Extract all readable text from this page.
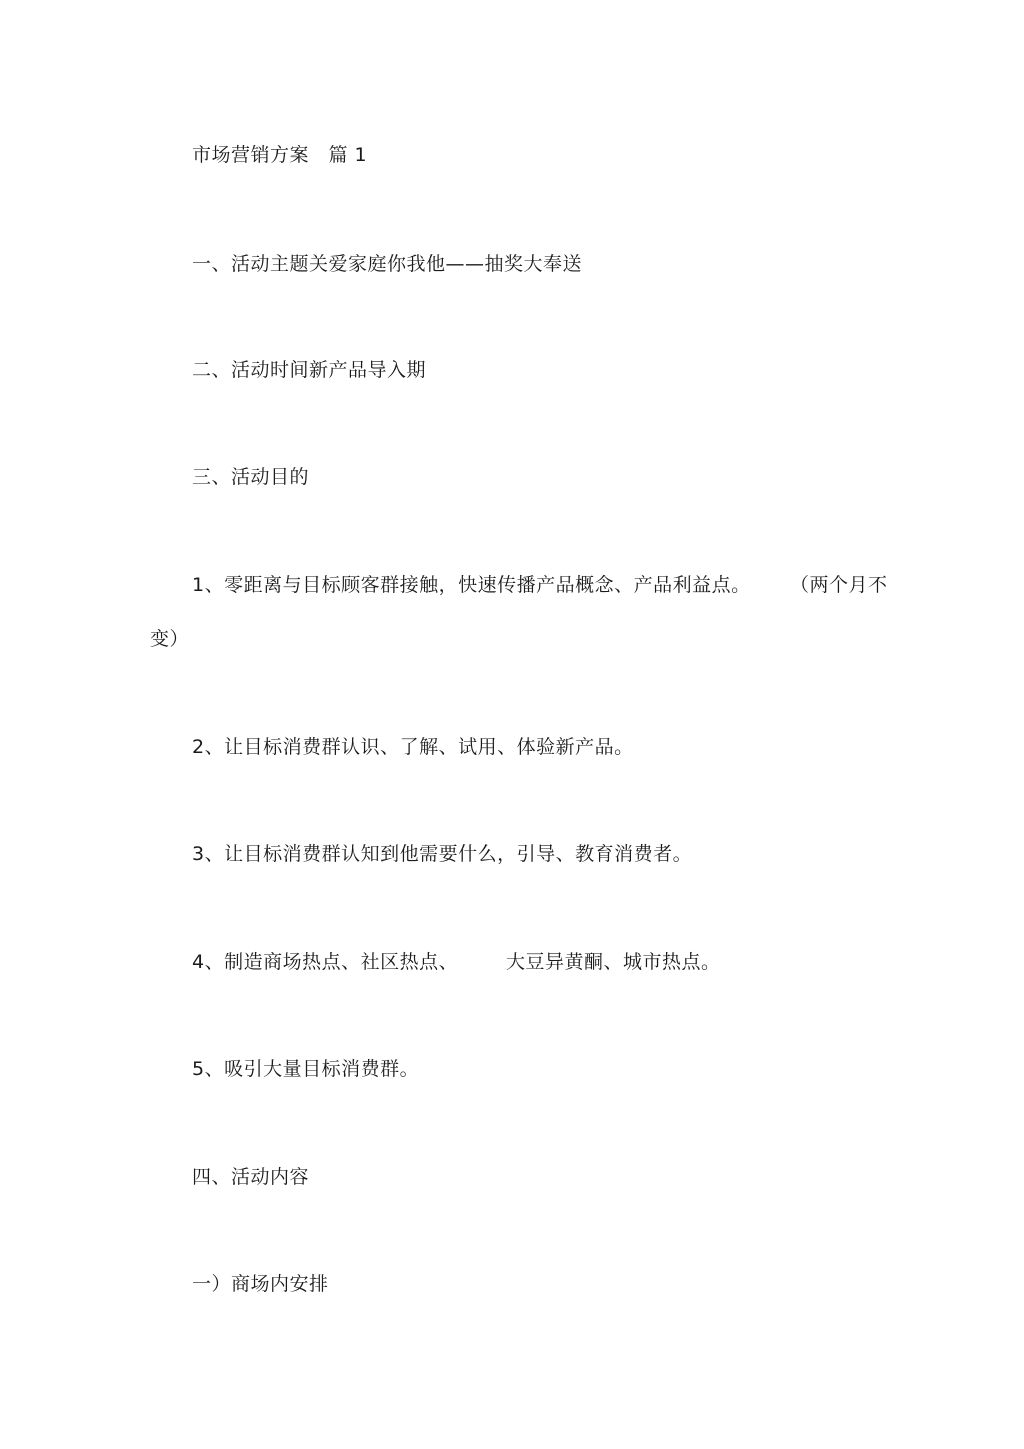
市场营销方案　篇 1
一、活动主题关爱家庭你我他——抽奖大奉送
二、活动时间新产品导入期
三、活动目的
1、零距离与目标顾客群接触，快速传播产品概念、产品利益点。 （两个月不
变）
2、让目标消费群认识、了解、试用、体验新产品。
3、让目标消费群认知到他需要什么，引导、教育消费者。
4、制造商场热点、社区热点、	大豆异黄酮、城市热点。
5、吸引大量目标消费群。
四、活动内容
一）商场内安排
